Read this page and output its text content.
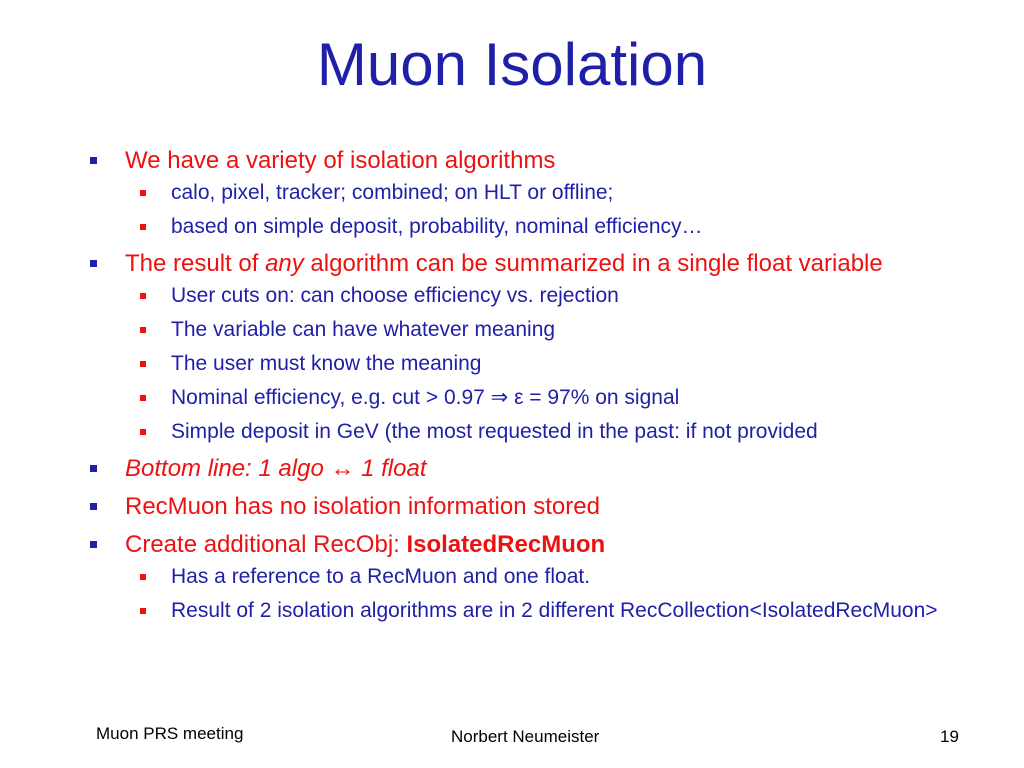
Muon Isolation
We have a variety of isolation algorithms
calo, pixel, tracker; combined; on HLT or offline;
based on simple deposit, probability, nominal efficiency…
The result of any algorithm can be summarized in a single float variable
User cuts on: can choose efficiency vs. rejection
The variable can have whatever meaning
The user must know the meaning
Nominal efficiency, e.g. cut > 0.97 ⇒ ε = 97% on signal
Simple deposit in GeV (the most requested in the past: if not provided
Bottom line: 1 algo ↔ 1 float
RecMuon has no isolation information stored
Create additional RecObj: IsolatedRecMuon
Has a reference to a RecMuon and one float.
Result of 2 isolation algorithms are in 2 different RecCollection<IsolatedRecMuon>
Muon PRS meeting	Norbert Neumeister	19
